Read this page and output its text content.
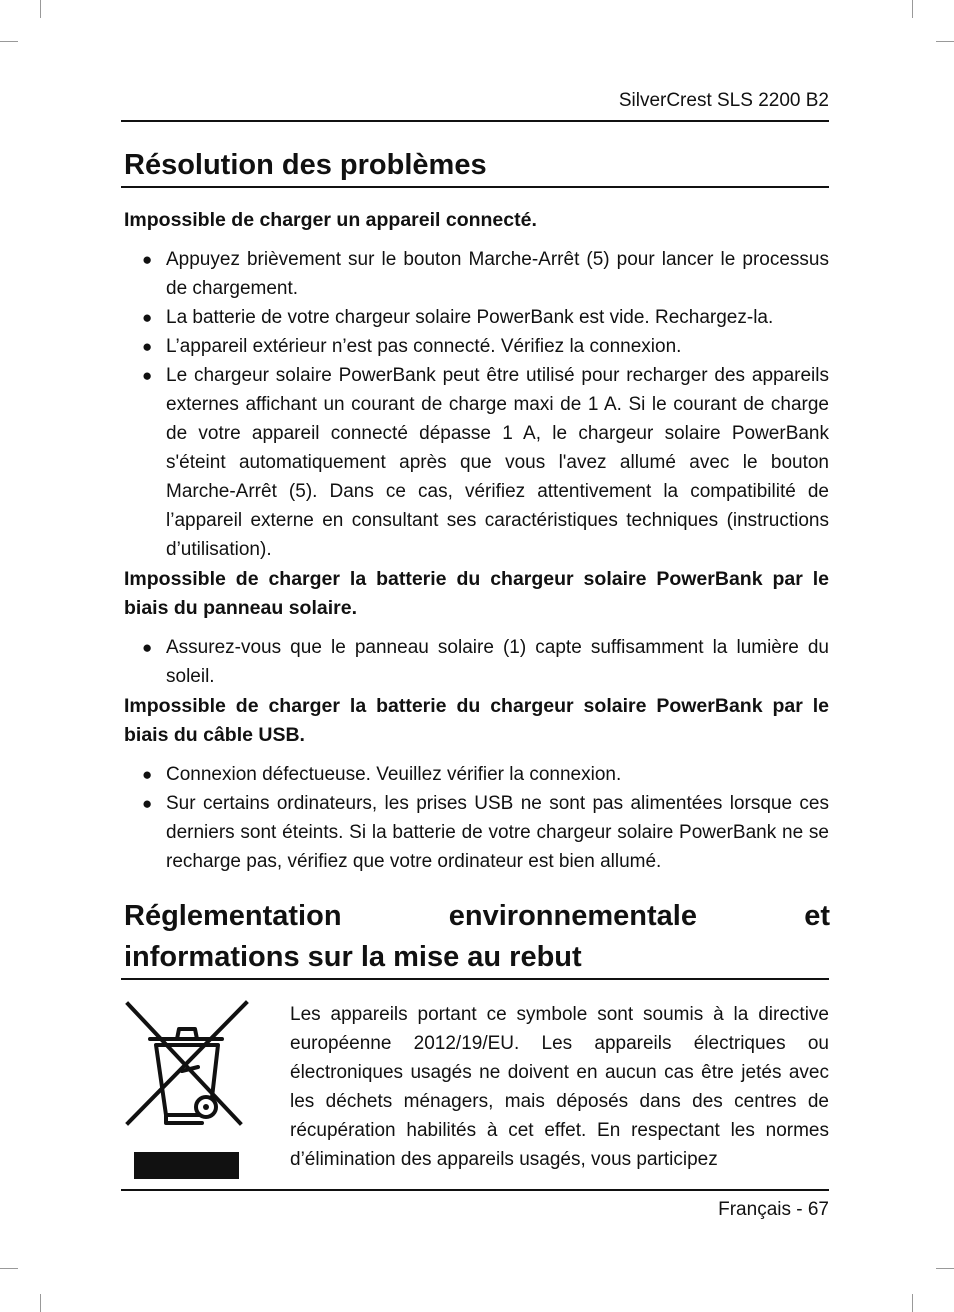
SilverCrest SLS 2200 B2
Résolution des problèmes

Impossible de charger un appareil connecté.

● Appuyez brièvement sur le bouton Marche-Arrêt (5) pour lancer le processus de chargement.
● La batterie de votre chargeur solaire PowerBank est vide. Rechargez-la.
● L’appareil extérieur n’est pas connecté. Vérifiez la connexion.
● Le chargeur solaire PowerBank peut être utilisé pour recharger des appareils externes affichant un courant de charge maxi de 1 A. Si le courant de charge de votre appareil connecté dépasse 1 A, le chargeur solaire PowerBank s'éteint automatiquement après que vous l'avez allumé avec le bouton Marche-Arrêt (5). Dans ce cas, vérifiez attentivement la compatibilité de l’appareil externe en consultant ses caractéristiques techniques (instructions d’utilisation).

Impossible de charger la batterie du chargeur solaire PowerBank par le biais du panneau solaire.

● Assurez-vous que le panneau solaire (1) capte suffisamment la lumière du soleil.

Impossible de charger la batterie du chargeur solaire PowerBank par le biais du câble USB.

● Connexion défectueuse. Veuillez vérifier la connexion.
● Sur certains ordinateurs, les prises USB ne sont pas alimentées lorsque ces derniers sont éteints. Si la batterie de votre chargeur solaire PowerBank ne se recharge pas, vérifiez que votre ordinateur est bien allumé.
Réglementation environnementale et
informations sur la mise au rebut

Les appareils portant ce symbole sont soumis à la directive européenne 2012/19/EU. Les appareils électriques ou électroniques usagés ne doivent en aucun cas être jetés avec les déchets ménagers, mais déposés dans des centres de récupération habilités à cet effet. En respectant les normes d’élimination des appareils usagés, vous participez

Français - 67
